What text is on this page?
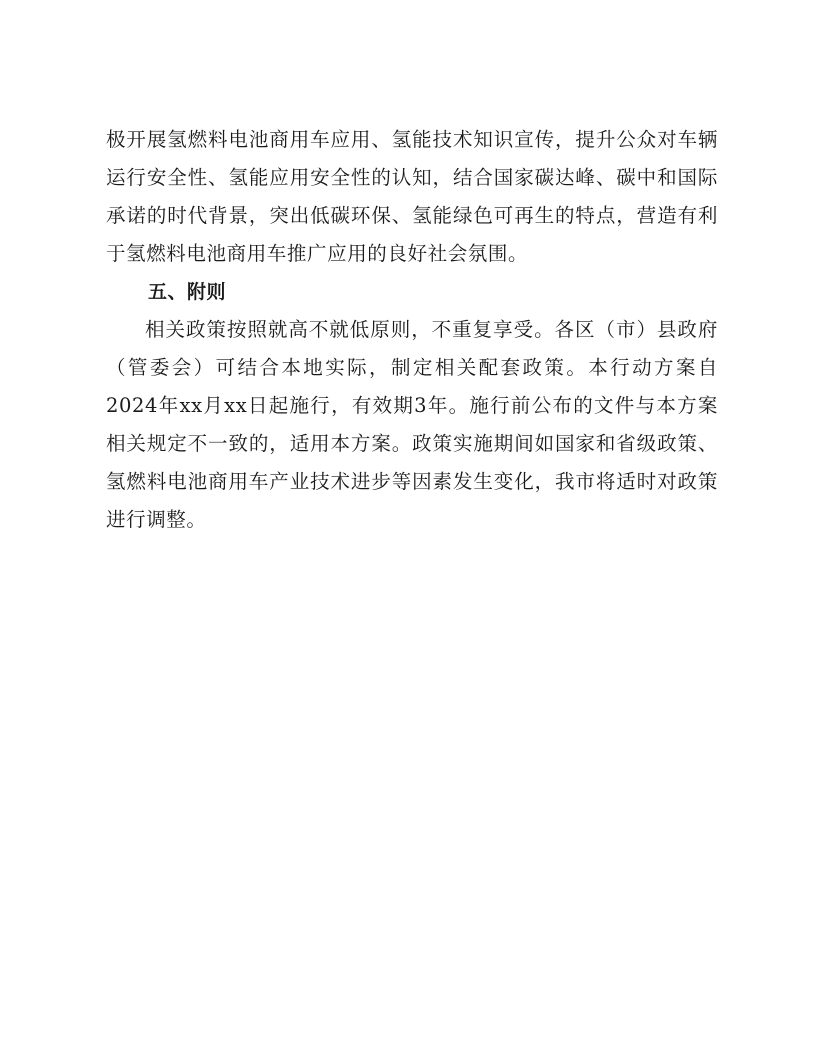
极开展氢燃料电池商用车应用、氢能技术知识宣传，提升公众对车辆运行安全性、氢能应用安全性的认知，结合国家碳达峰、碳中和国际承诺的时代背景，突出低碳环保、氢能绿色可再生的特点，营造有利于氢燃料电池商用车推广应用的良好社会氛围。

五、附则

相关政策按照就高不就低原则，不重复享受。各区（市）县政府（管委会）可结合本地实际，制定相关配套政策。本行动方案自2024年xx月xx日起施行，有效期3年。施行前公布的文件与本方案相关规定不一致的，适用本方案。政策实施期间如国家和省级政策、氢燃料电池商用车产业技术进步等因素发生变化，我市将适时对政策进行调整。
